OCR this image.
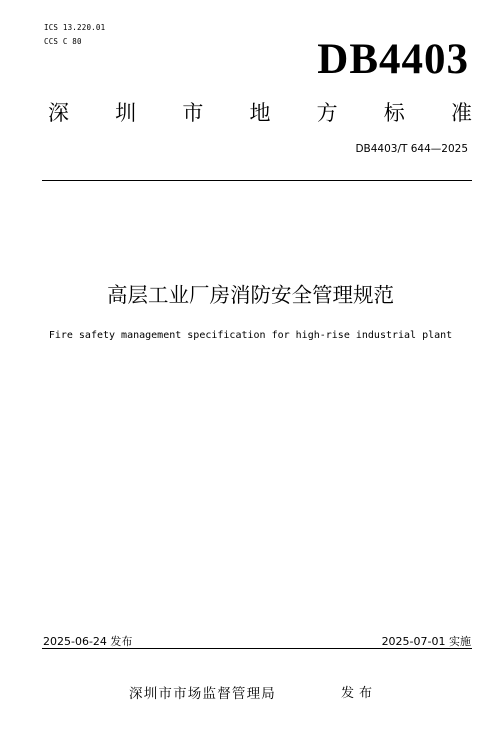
ICS 13.220.01
CCS C 80	DB4403
深 圳 市 地 方 标 准
DB4403/T 644—2025
高层工业厂房消防安全管理规范
Fire safety management specification for high-rise industrial plant
2025-06-24 发布	2025-07-01 实施
深圳市市场监督管理局	发布
